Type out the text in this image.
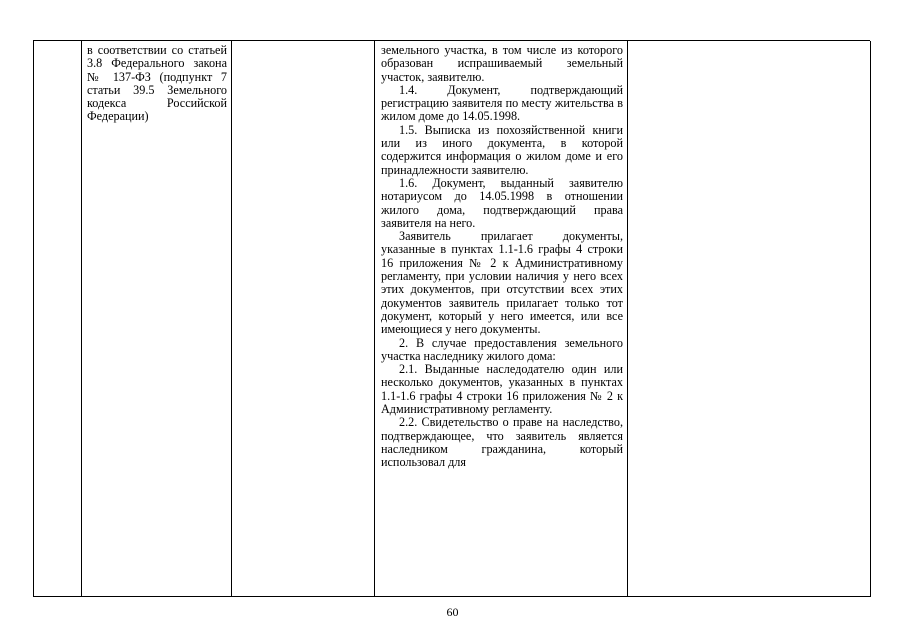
в соответствии со статьей 3.8 Федерального закона № 137-ФЗ (подпункт 7 статьи 39.5 Земельного кодекса Российской Федерации)

земельного участка, в том числе из которого образован испрашиваемый земельный участок, заявителю.

1.4. Документ, подтверждающий регистрацию заявителя по месту жительства в жилом доме до 14.05.1998.

1.5. Выписка из похозяйственной книги или из иного документа, в которой содержится информация о жилом доме и его принадлежности заявителю.

1.6. Документ, выданный заявителю нотариусом до 14.05.1998 в отношении жилого дома, подтверждающий права заявителя на него.

Заявитель прилагает документы, указанные в пунктах 1.1-1.6 графы 4 строки 16 приложения № 2 к Административному регламенту, при условии наличия у него всех этих документов, при отсутствии всех этих документов заявитель прилагает только тот документ, который у него имеется, или все имеющиеся у него документы.

2. В случае предоставления земельного участка наследнику жилого дома:

2.1. Выданные наследодателю один или несколько документов, указанных в пунктах 1.1-1.6 графы 4 строки 16 приложения № 2 к Административному регламенту.

2.2. Свидетельство о праве на наследство, подтверждающее, что заявитель является наследником гражданина, который использовал для

60
